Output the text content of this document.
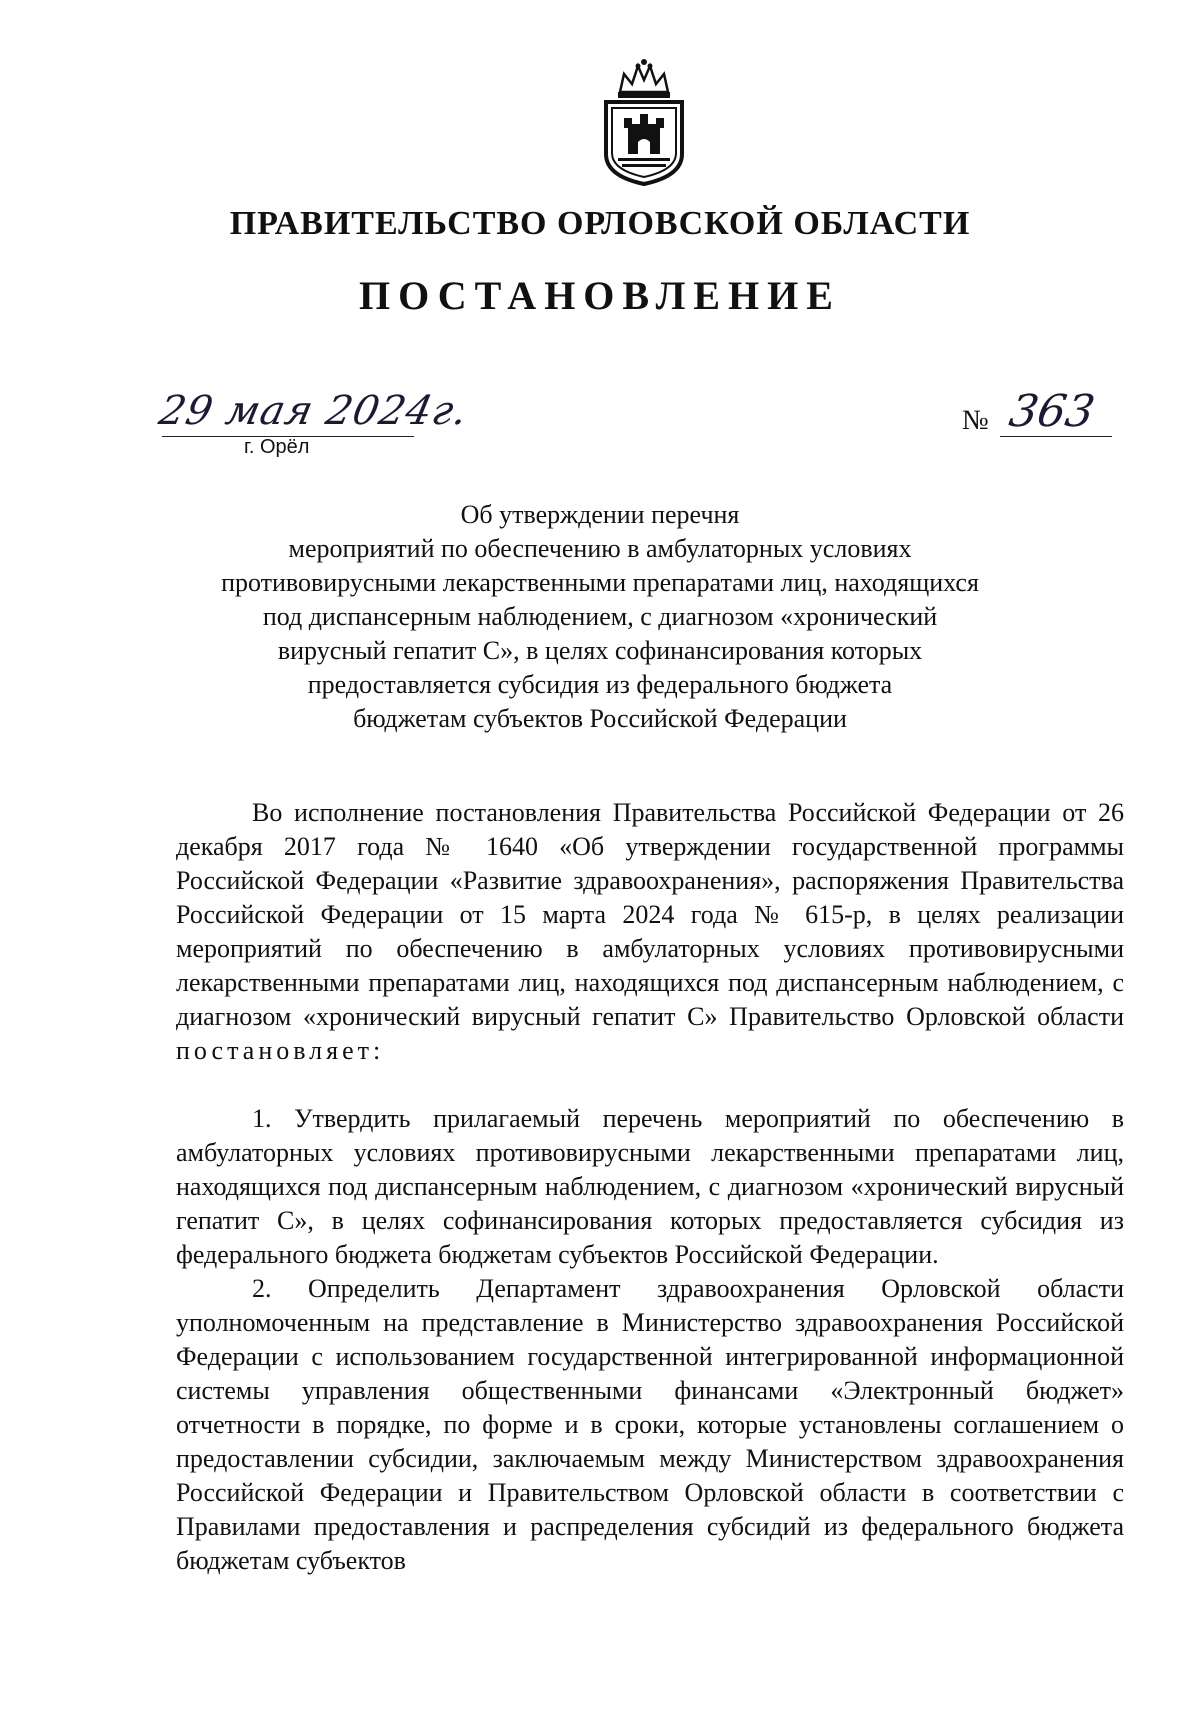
ПРАВИТЕЛЬСТВО ОРЛОВСКОЙ ОБЛАСТИ
ПОСТАНОВЛЕНИЕ
29 мая 2024г.
г. Орёл
№ 363
Об утверждении перечня
мероприятий по обеспечению в амбулаторных условиях
противовирусными лекарственными препаратами лиц, находящихся
под диспансерным наблюдением, с диагнозом «хронический
вирусный гепатит С», в целях софинансирования которых
предоставляется субсидия из федерального бюджета
бюджетам субъектов Российской Федерации

Во исполнение постановления Правительства Российской Федерации от 26 декабря 2017 года № 1640 «Об утверждении государственной программы Российской Федерации «Развитие здравоохранения», распоряжения Правительства Российской Федерации от 15 марта 2024 года № 615-р, в целях реализации мероприятий по обеспечению в амбулаторных условиях противовирусными лекарственными препаратами лиц, находящихся под диспансерным наблюдением, с диагнозом «хронический вирусный гепатит С» Правительство Орловской области постановляет:

1. Утвердить прилагаемый перечень мероприятий по обеспечению в амбулаторных условиях противовирусными лекарственными препаратами лиц, находящихся под диспансерным наблюдением, с диагнозом «хронический вирусный гепатит С», в целях софинансирования которых предоставляется субсидия из федерального бюджета бюджетам субъектов Российской Федерации.

2. Определить Департамент здравоохранения Орловской области уполномоченным на представление в Министерство здравоохранения Российской Федерации с использованием государственной интегрированной информационной системы управления общественными финансами «Электронный бюджет» отчетности в порядке, по форме и в сроки, которые установлены соглашением о предоставлении субсидии, заключаемым между Министерством здравоохранения Российской Федерации и Правительством Орловской области в соответствии с Правилами предоставления и распределения субсидий из федерального бюджета бюджетам субъектов
